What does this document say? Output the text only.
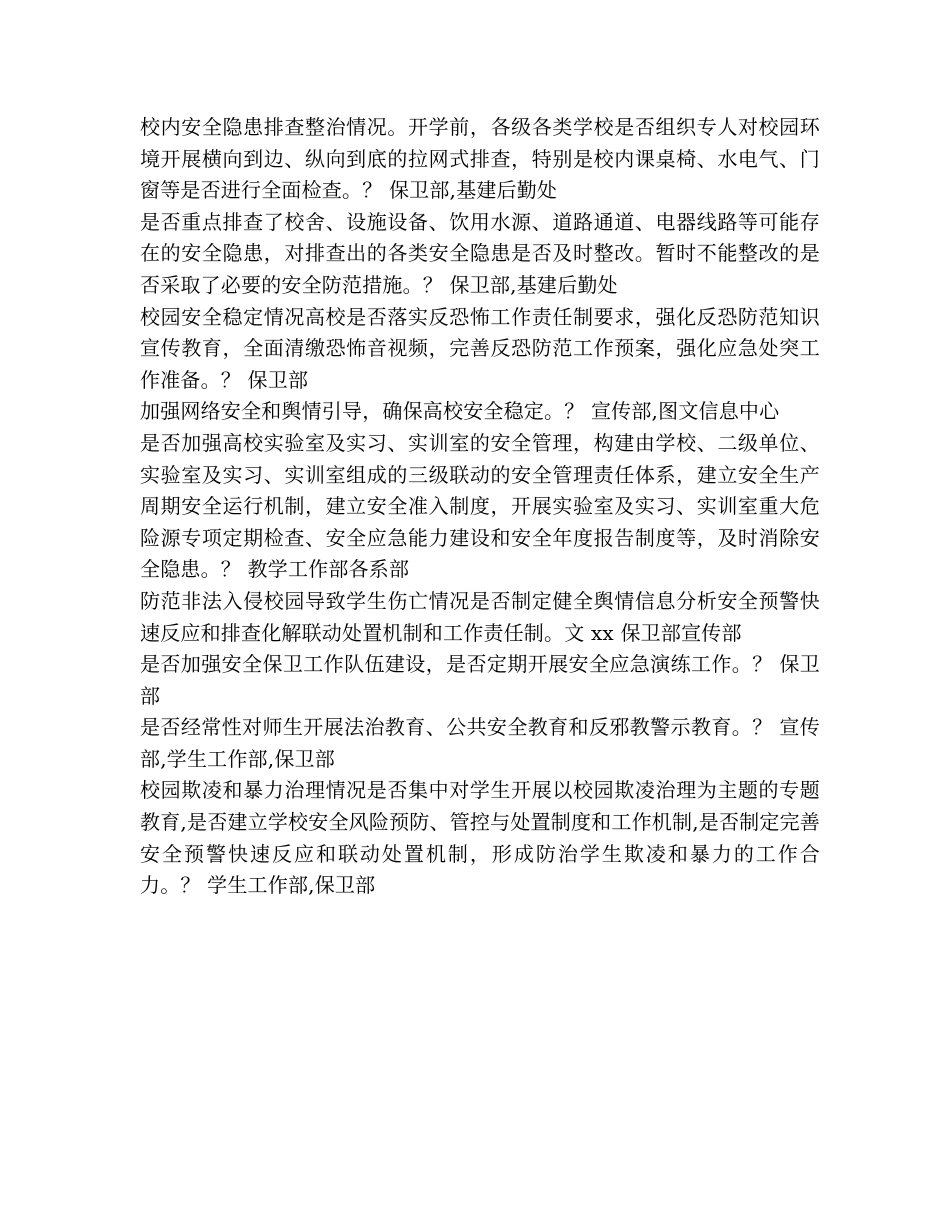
校内安全隐患排查整治情况。开学前，各级各类学校是否组织专人对校园环境开展横向到边、纵向到底的拉网式排查，特别是校内课桌椅、水电气、门窗等是否进行全面检查。？ 保卫部,基建后勤处

是否重点排查了校舍、设施设备、饮用水源、道路通道、电器线路等可能存在的安全隐患，对排查出的各类安全隐患是否及时整改。暂时不能整改的是否采取了必要的安全防范措施。？ 保卫部,基建后勤处

校园安全稳定情况高校是否落实反恐怖工作责任制要求，强化反恐防范知识宣传教育，全面清缴恐怖音视频，完善反恐防范工作预案，强化应急处突工作准备。？ 保卫部

加强网络安全和舆情引导，确保高校安全稳定。？ 宣传部,图文信息中心

是否加强高校实验室及实习、实训室的安全管理，构建由学校、二级单位、实验室及实习、实训室组成的三级联动的安全管理责任体系，建立安全生产周期安全运行机制，建立安全准入制度，开展实验室及实习、实训室重大危险源专项定期检查、安全应急能力建设和安全年度报告制度等，及时消除安全隐患。？ 教学工作部各系部

防范非法入侵校园导致学生伤亡情况是否制定健全舆情信息分析安全预警快速反应和排查化解联动处置机制和工作责任制。文 xx 保卫部宣传部

是否加强安全保卫工作队伍建设，是否定期开展安全应急演练工作。？ 保卫部

是否经常性对师生开展法治教育、公共安全教育和反邪教警示教育。？ 宣传部,学生工作部,保卫部

校园欺凌和暴力治理情况是否集中对学生开展以校园欺凌治理为主题的专题教育,是否建立学校安全风险预防、管控与处置制度和工作机制,是否制定完善安全预警快速反应和联动处置机制，形成防治学生欺凌和暴力的工作合力。？ 学生工作部,保卫部
